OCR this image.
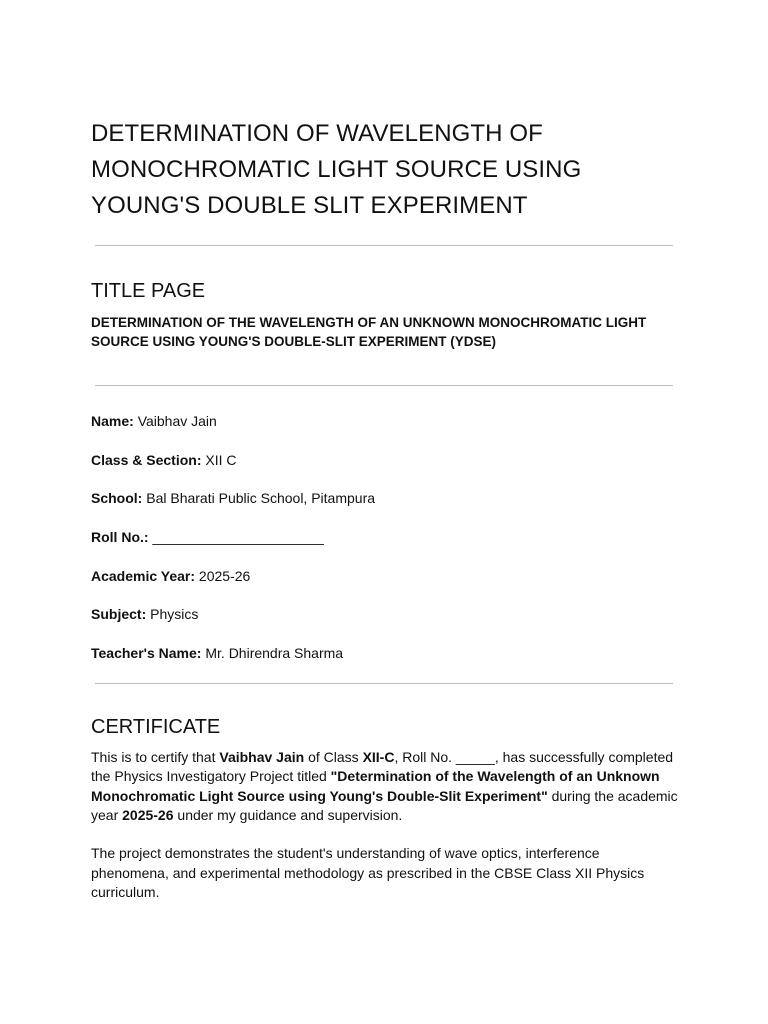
DETERMINATION OF WAVELENGTH OF
MONOCHROMATIC LIGHT SOURCE USING
YOUNG'S DOUBLE SLIT EXPERIMENT
TITLE PAGE

DETERMINATION OF THE WAVELENGTH OF AN UNKNOWN MONOCHROMATIC LIGHT
SOURCE USING YOUNG'S DOUBLE-SLIT EXPERIMENT (YDSE)

Name: Vaibhav Jain
Class & Section: XII C
School: Bal Bharati Public School, Pitampura
Roll No.: ______________________
Academic Year: 2025-26
Subject: Physics
Teacher's Name: Mr. Dhirendra Sharma
CERTIFICATE

This is to certify that Vaibhav Jain of Class XII-C, Roll No. _____, has successfully completed the Physics Investigatory Project titled "Determination of the Wavelength of an Unknown Monochromatic Light Source using Young's Double-Slit Experiment" during the academic year 2025-26 under my guidance and supervision.

The project demonstrates the student's understanding of wave optics, interference phenomena, and experimental methodology as prescribed in the CBSE Class XII Physics curriculum.
